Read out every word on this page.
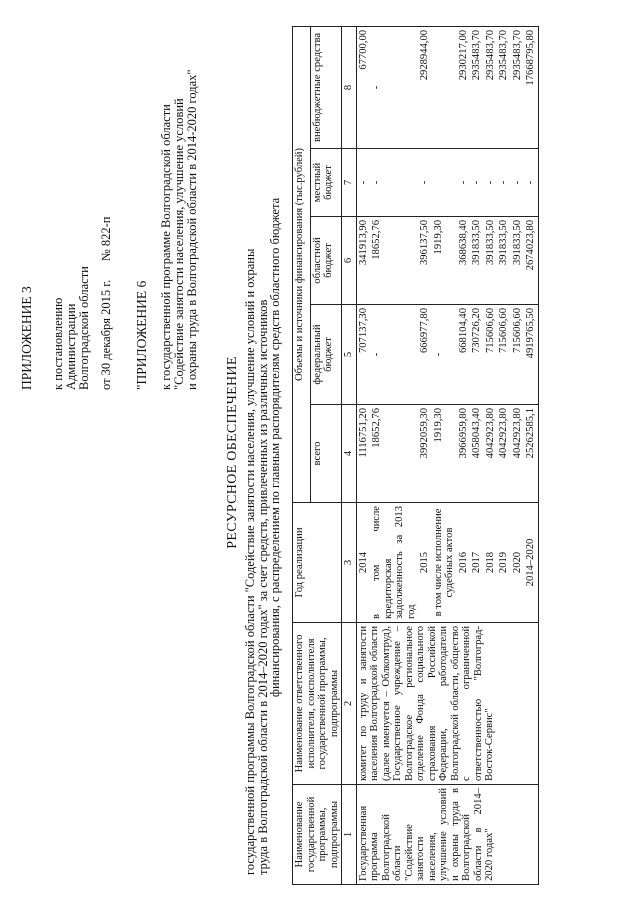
ПРИЛОЖЕНИЕ 3 к постановлению Администрации Волгоградской области от 30 декабря 2015 г.      № 822-п "ПРИЛОЖЕНИЕ 6 к государственной программе Волгоградской области "Содействие занятости населения, улучшение условий и охраны труда в Волгоградской области в 2014-2020 годах"
РЕСУРСНОЕ ОБЕСПЕЧЕНИЕ государственной программы Волгоградской области "Содействие занятости населения, улучшение условий и охраны
труда в Волгоградской области в 2014–2020 годах" за счет средств, привлеченных из различных источников
финансирования, с распределением по главным распорядителям средств областного бюджета
Наименование государственной программы, подпрограммы	Наименование ответственного исполнителя, соисполнителя государственной программы, подпрограммы	Год реализации	Объемы и источники финансирования (тыс.рублей)				
			всего	федеральный бюджет	областной бюджет	местный бюджет	внебюджетные средства
1	2	3	4	5	6	7	8
Государственная программа Волгоградской области "Содействие занятости населения, улучшение условий и охраны труда в Волгоградской области в 2014–2020 годах"	комитет по труду и занятости населения Волгоградской области (далее именуется – Облкомтруд), Государственное учреждение – Волгоградское региональное отделение Фонда социального страхования Российской Федерации, работодатели Волгоградской области, общество с ограниченной ответственностью "Волгоград-Восток-Сервис"	2014	1116751,20	707137,30	341913,90	-	67700,00
		в том числе кредиторская задолженность за 2013 год	18652,76	-	18652,76	-	-
		2015	3992059,30	666977,80	396137,50	-	2928944,00
		в том числе исполнение судебных актов	1919,30	-	1919,30		
		2016	3966959,80	668104,40	368638,40	-	2930217,00
		2017	4058043,40	730726,20	391833,50	-	2935483,70
		2018	4042923,80	715606,60	391833,50	-	2935483,70
		2019	4042923,80	715606,60	391833,50	-	2935483,70
		2020	4042923,80	715606,60	391833,50	-	2935483,70
		2014–2020	25262585,1	4919765,50	2674023,80	-	17668795,80
